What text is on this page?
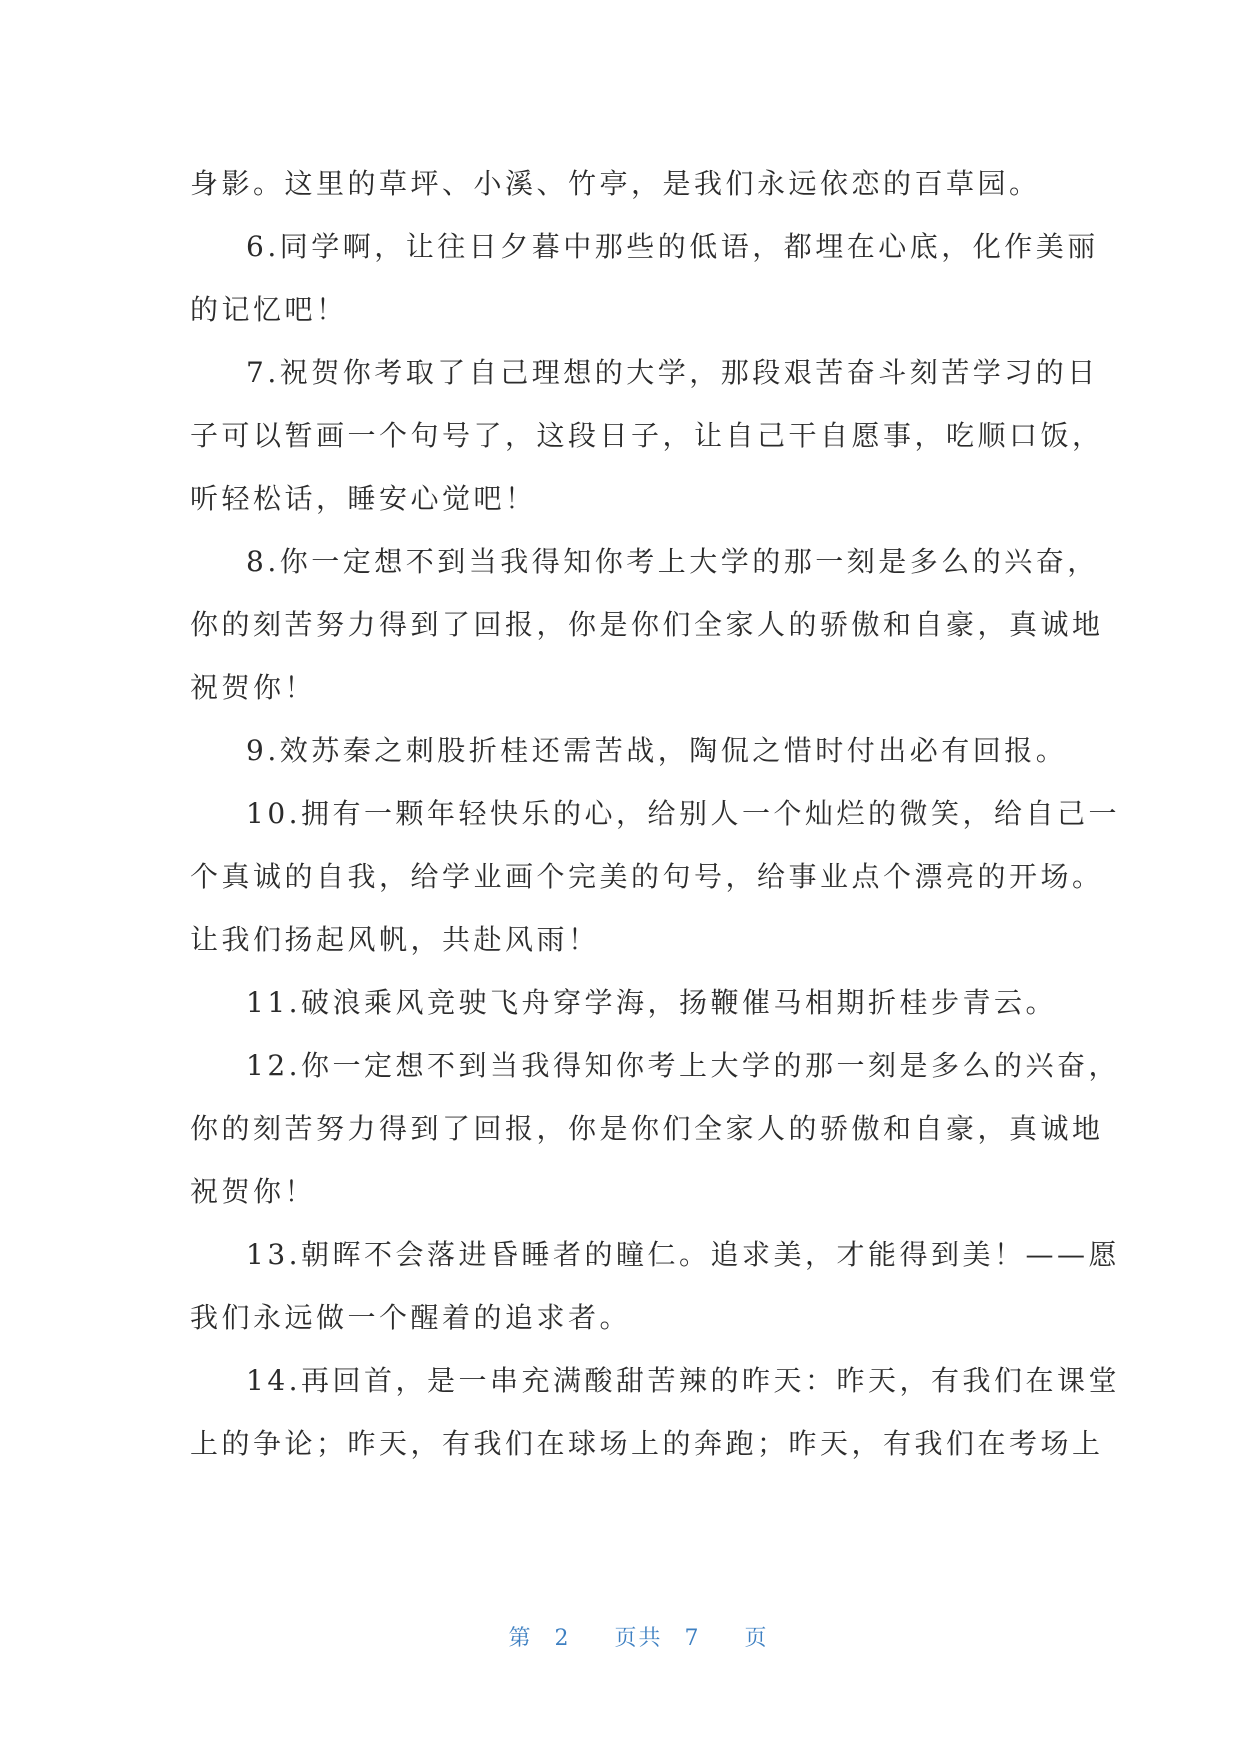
身影。这里的草坪、小溪、竹亭，是我们永远依恋的百草园。

6.同学啊，让往日夕暮中那些的低语，都埋在心底，化作美丽

的记忆吧！

7.祝贺你考取了自己理想的大学，那段艰苦奋斗刻苦学习的日

子可以暂画一个句号了，这段日子，让自己干自愿事，吃顺口饭，

听轻松话，睡安心觉吧！

8.你一定想不到当我得知你考上大学的那一刻是多么的兴奋，

你的刻苦努力得到了回报，你是你们全家人的骄傲和自豪，真诚地

祝贺你！

9.效苏秦之刺股折桂还需苦战，陶侃之惜时付出必有回报。

10.拥有一颗年轻快乐的心，给别人一个灿烂的微笑，给自己一

个真诚的自我，给学业画个完美的句号，给事业点个漂亮的开场。

让我们扬起风帆，共赴风雨！

11.破浪乘风竞驶飞舟穿学海，扬鞭催马相期折桂步青云。

12.你一定想不到当我得知你考上大学的那一刻是多么的兴奋，

你的刻苦努力得到了回报，你是你们全家人的骄傲和自豪，真诚地

祝贺你！

13.朝晖不会落进昏睡者的瞳仁。追求美，才能得到美！——愿

我们永远做一个醒着的追求者。

14.再回首，是一串充满酸甜苦辣的昨天：昨天，有我们在课堂

上的争论；昨天，有我们在球场上的奔跑；昨天，有我们在考场上

第 2 页共 7 页
